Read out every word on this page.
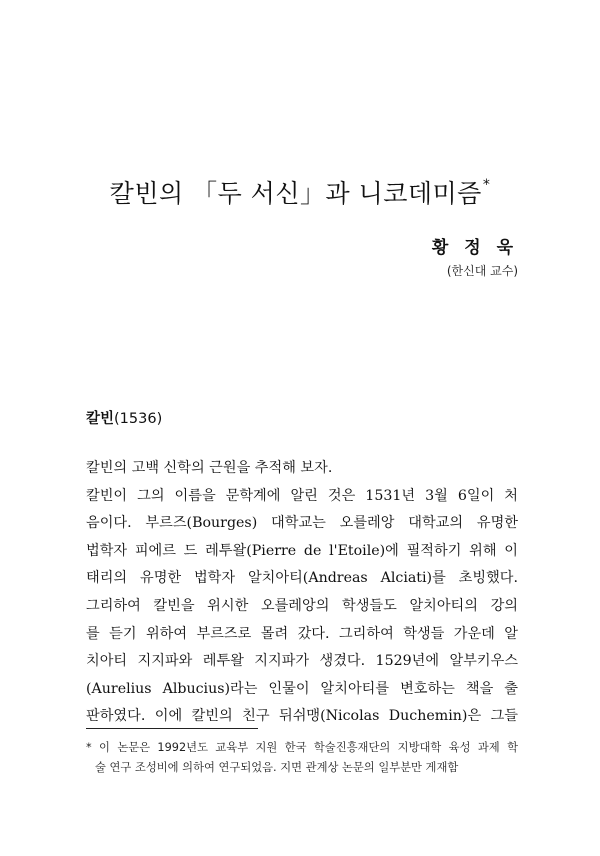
칼빈의 「두 서신」과 니코데미즘*
황 정 욱
(한신대 교수)
칼빈(1536)
칼빈의 고백 신학의 근원을 추적해 보자.
칼빈이 그의 이름을 문학계에 알린 것은 1531년 3월 6일이 처
음이다. 부르즈(Bourges) 대학교는 오를레앙 대학교의 유명한
법학자 피에르 드 레투왈(Pierre de l'Etoile)에 필적하기 위해 이
태리의 유명한 법학자 알치아티(Andreas Alciati)를 초빙했다.
그리하여 칼빈을 위시한 오를레앙의 학생들도 알치아티의 강의
를 듣기 위하여 부르즈로 몰려 갔다. 그리하여 학생들 가운데 알
치아티 지지파와 레투왈 지지파가 생겼다. 1529년에 알부키우스
(Aurelius Albucius)라는 인물이 알치아티를 변호하는 책을 출
판하였다. 이에 칼빈의 친구 뒤쉬맹(Nicolas Duchemin)은 그들
* 이 논문은 1992년도 교육부 지원 한국 학술진흥재단의 지방대학 육성 과제 학
술 연구 조성비에 의하여 연구되었음. 지면 관계상 논문의 일부분만 게재함
